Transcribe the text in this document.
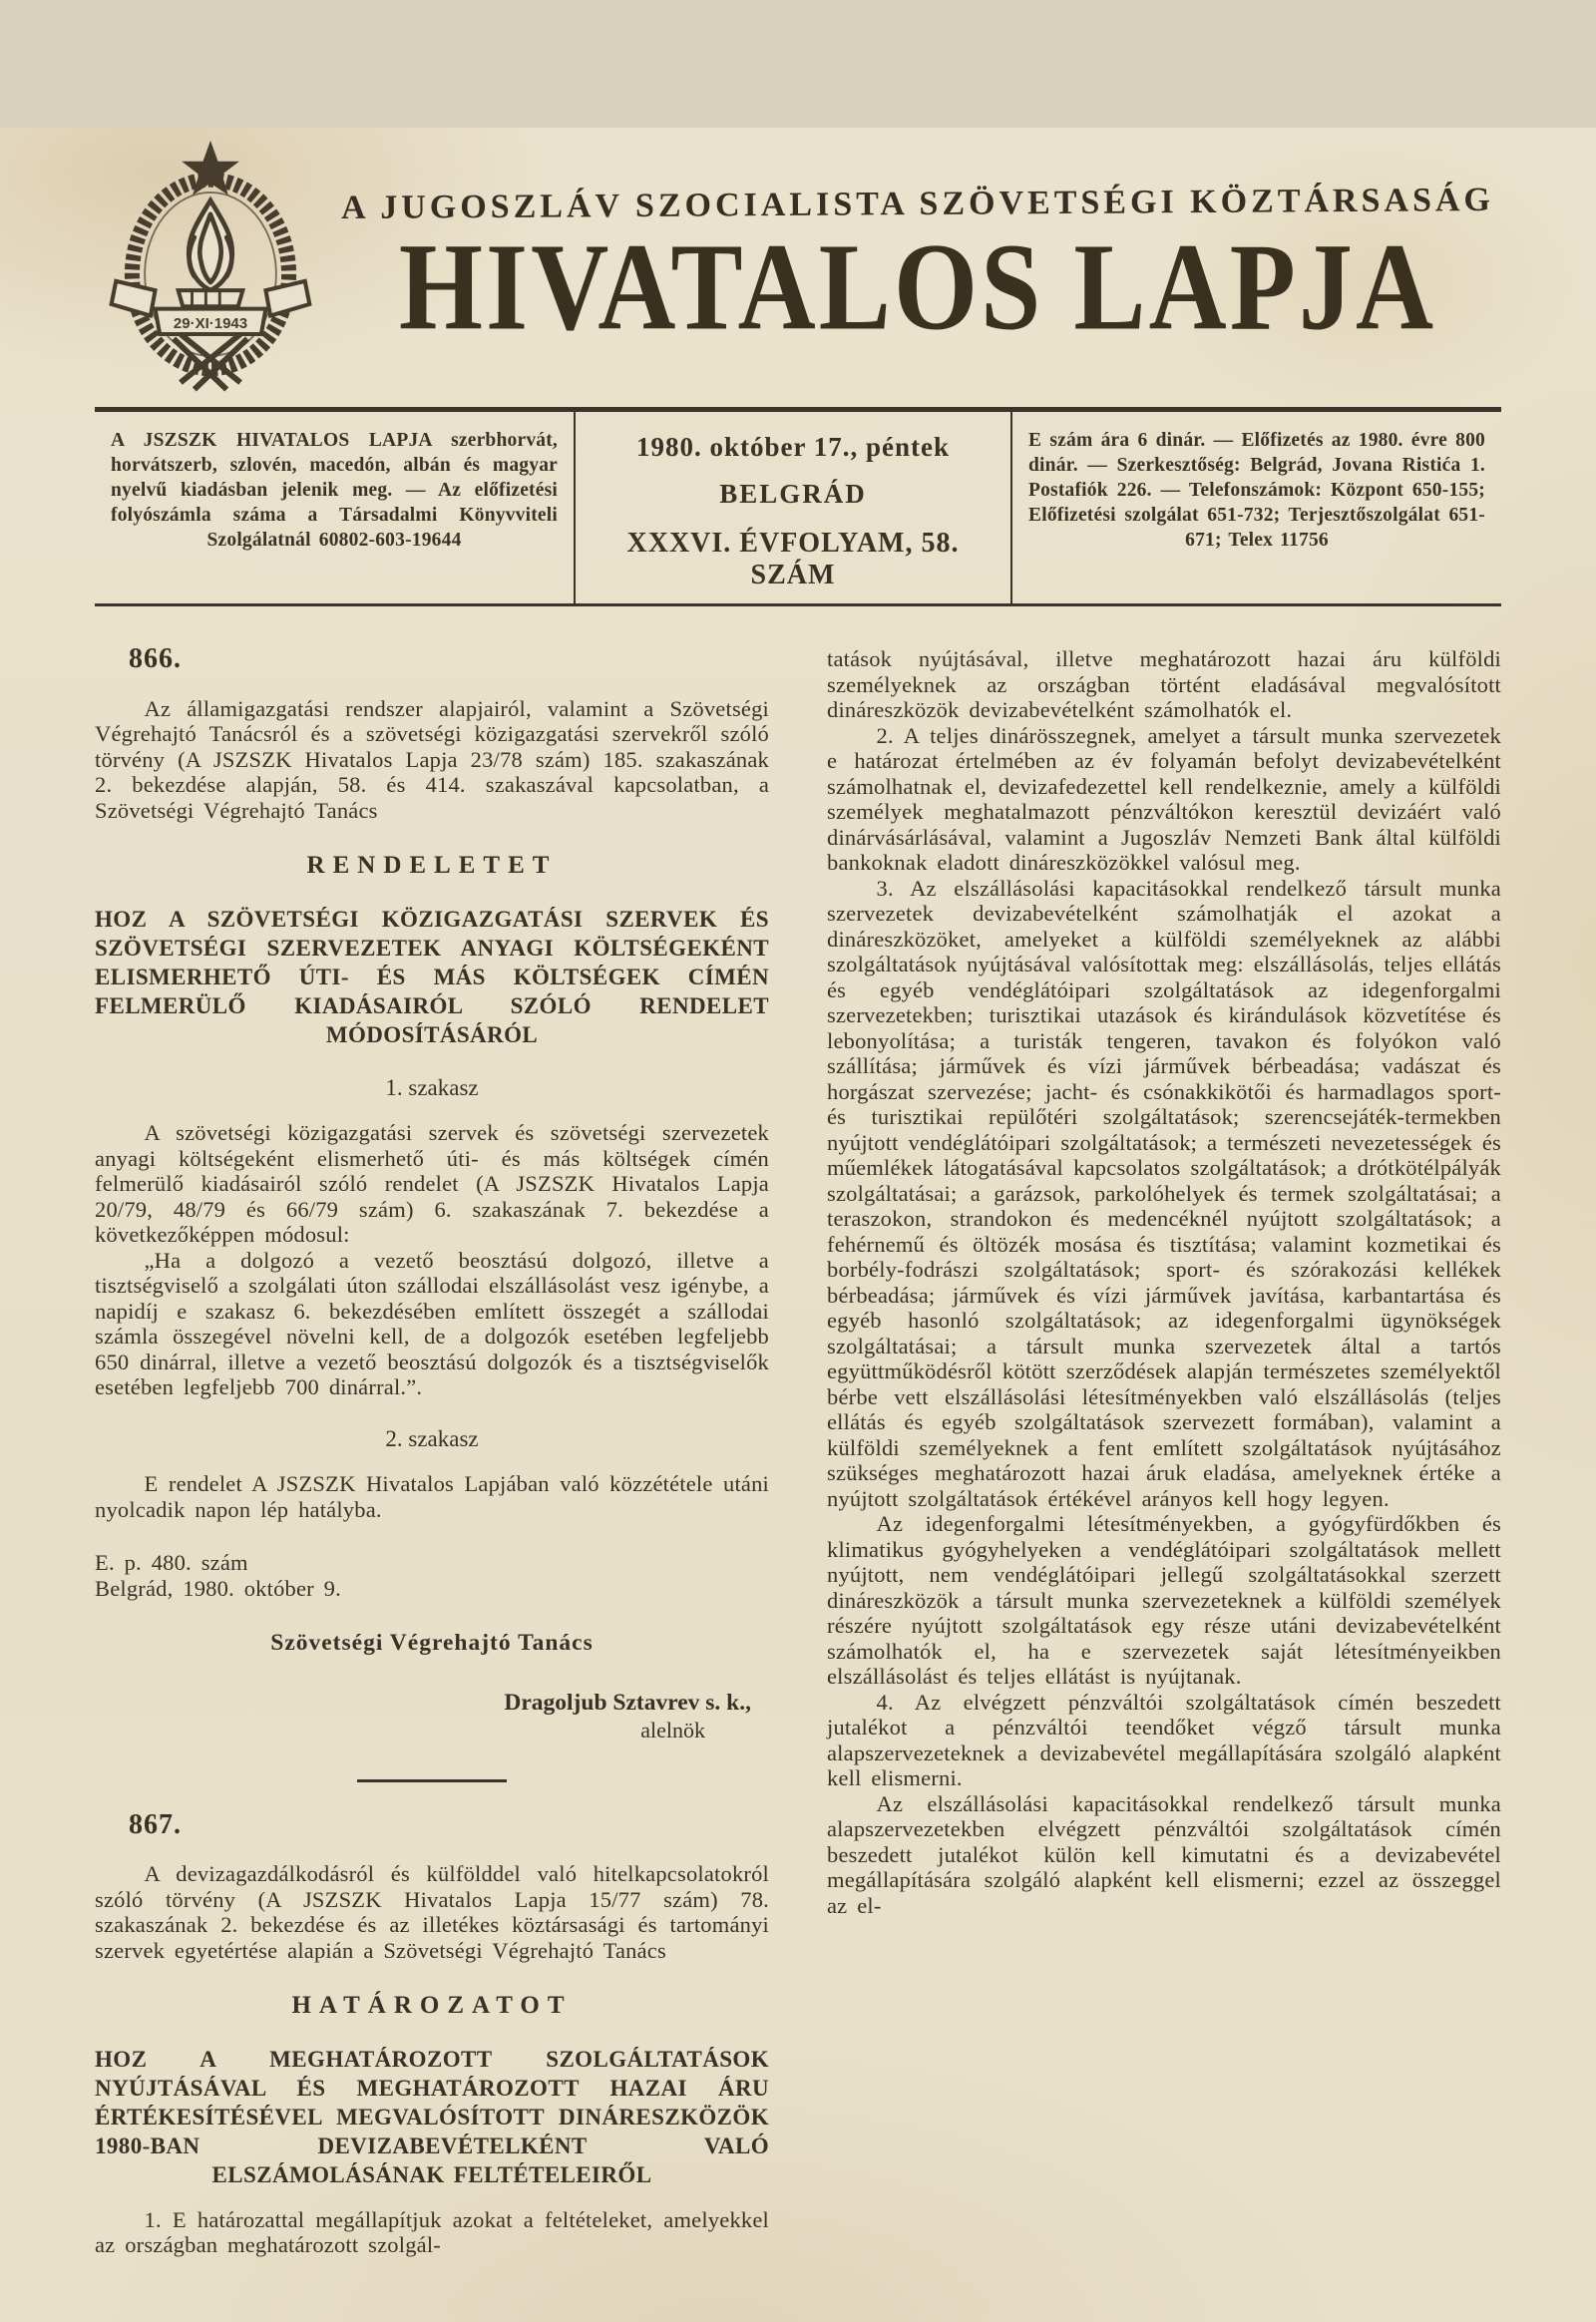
29·XI·1943
A JUGOSZLÁV SZOCIALISTA SZÖVETSÉGI KÖZTÁRSASÁG
HIVATALOS LAPJA
A JSZSZK HIVATALOS LAPJA szerbhorvát, horvátszerb, szlovén, macedón, albán és magyar nyelvű kiadásban jelenik meg. — Az előfizetési folyószámla száma a Társadalmi Könyvviteli Szolgálatnál 60802-603-19644
1980. október 17., péntek
BELGRÁD
XXXVI. ÉVFOLYAM, 58. SZÁM
E szám ára 6 dinár. — Előfizetés az 1980. évre 800 dinár. — Szerkesztőség: Belgrád, Jovana Ristića 1. Postafiók 226. — Telefonszámok: Központ 650-155; Előfizetési szolgálat 651-732; Terjesztőszolgálat 651-671; Telex 11756
866.

Az államigazgatási rendszer alapjairól, valamint a Szövetségi Végrehajtó Tanácsról és a szövetségi közigazgatási szervekről szóló törvény (A JSZSZK Hivatalos Lapja 23/78 szám) 185. szakaszának 2. bekezdése alapján, 58. és 414. szakaszával kapcsolatban, a Szövetségi Végrehajtó Tanács

RENDELETET
HOZ A SZÖVETSÉGI KÖZIGAZGATÁSI SZERVEK ÉS SZÖVETSÉGI SZERVEZETEK ANYAGI KÖLTSÉGEKÉNT ELISMERHETŐ ÚTI- ÉS MÁS KÖLTSÉGEK CÍMÉN FELMERÜLŐ KIADÁSAIRÓL SZÓLÓ RENDELET MÓDOSÍTÁSÁRÓL
1. szakasz

A szövetségi közigazgatási szervek és szövetségi szervezetek anyagi költségeként elismerhető úti- és más költségek címén felmerülő kiadásairól szóló rendelet (A JSZSZK Hivatalos Lapja 20/79, 48/79 és 66/79 szám) 6. szakaszának 7. bekezdése a következőképpen módosul:

„Ha a dolgozó a vezető beosztású dolgozó, illetve a tisztségviselő a szolgálati úton szállodai elszállásolást vesz igénybe, a napidíj e szakasz 6. bekezdésében említett összegét a szállodai számla összegével növelni kell, de a dolgozók esetében legfeljebb 650 dinárral, illetve a vezető beosztású dolgozók és a tisztségviselők esetében legfeljebb 700 dinárral.”.

2. szakasz

E rendelet A JSZSZK Hivatalos Lapjában való közzététele utáni nyolcadik napon lép hatályba.

E. p. 480. szám

Belgrád, 1980. október 9.

Szövetségi Végrehajtó Tanács
Dragoljub Sztavrev s. k.,
alelnök
867.

A devizagazdálkodásról és külfölddel való hitelkapcsolatokról szóló törvény (A JSZSZK Hivatalos Lapja 15/77 szám) 78. szakaszának 2. bekezdése és az illetékes köztársasági és tartományi szervek egyetértése alapián a Szövetségi Végrehajtó Tanács

HATÁROZATOT
HOZ A MEGHATÁROZOTT SZOLGÁLTATÁSOK NYÚJTÁSÁVAL ÉS MEGHATÁROZOTT HAZAI ÁRU ÉRTÉKESÍTÉSÉVEL MEGVALÓSÍTOTT DINÁRESZKÖZÖK 1980-BAN DEVIZABEVÉTELKÉNT VALÓ ELSZÁMOLÁSÁNAK FELTÉTELEIRŐL

1. E határozattal megállapítjuk azokat a feltételeket, amelyekkel az országban meghatározott szolgál-

tatások nyújtásával, illetve meghatározott hazai áru külföldi személyeknek az országban történt eladásával megvalósított dináreszközök devizabevételként számolhatók el.

2. A teljes dinárösszegnek, amelyet a társult munka szervezetek e határozat értelmében az év folyamán befolyt devizabevételként számolhatnak el, devizafedezettel kell rendelkeznie, amely a külföldi személyek meghatalmazott pénzváltókon keresztül devizáért való dinárvásárlásával, valamint a Jugoszláv Nemzeti Bank által külföldi bankoknak eladott dináreszközökkel valósul meg.

3. Az elszállásolási kapacitásokkal rendelkező társult munka szervezetek devizabevételként számolhatják el azokat a dináreszközöket, amelyeket a külföldi személyeknek az alábbi szolgáltatások nyújtásával valósítottak meg: elszállásolás, teljes ellátás és egyéb vendéglátóipari szolgáltatások az idegenforgalmi szervezetekben; turisztikai utazások és kirándulások közvetítése és lebonyolítása; a turisták tengeren, tavakon és folyókon való szállítása; járművek és vízi járművek bérbeadása; vadászat és horgászat szervezése; jacht- és csónakkikötői és harmadlagos sport- és turisztikai repülőtéri szolgáltatások; szerencsejáték-termekben nyújtott vendéglátóipari szolgáltatások; a természeti nevezetességek és műemlékek látogatásával kapcsolatos szolgáltatások; a drótkötélpályák szolgáltatásai; a garázsok, parkolóhelyek és termek szolgáltatásai; a teraszokon, strandokon és medencéknél nyújtott szolgáltatások; a fehérnemű és öltözék mosása és tisztítása; valamint kozmetikai és borbély-fodrászi szolgáltatások; sport- és szórakozási kellékek bérbeadása; járművek és vízi járművek javítása, karbantartása és egyéb hasonló szolgáltatások; az idegenforgalmi ügynökségek szolgáltatásai; a társult munka szervezetek által a tartós együttműködésről kötött szerződések alapján természetes személyektől bérbe vett elszállásolási létesítményekben való elszállásolás (teljes ellátás és egyéb szolgáltatások szervezett formában), valamint a külföldi személyeknek a fent említett szolgáltatások nyújtásához szükséges meghatározott hazai áruk eladása, amelyeknek értéke a nyújtott szolgáltatások értékével arányos kell hogy legyen.

Az idegenforgalmi létesítményekben, a gyógyfürdőkben és klimatikus gyógyhelyeken a vendéglátóipari szolgáltatások mellett nyújtott, nem vendéglátóipari jellegű szolgáltatásokkal szerzett dináreszközök a társult munka szervezeteknek a külföldi személyek részére nyújtott szolgáltatások egy része utáni devizabevételként számolhatók el, ha e szervezetek saját létesítményeikben elszállásolást és teljes ellátást is nyújtanak.

4. Az elvégzett pénzváltói szolgáltatások címén beszedett jutalékot a pénzváltói teendőket végző társult munka alapszervezeteknek a devizabevétel megállapítására szolgáló alapként kell elismerni.

Az elszállásolási kapacitásokkal rendelkező társult munka alapszervezetekben elvégzett pénzváltói szolgáltatások címén beszedett jutalékot külön kell kimutatni és a devizabevétel megállapítására szolgáló alapként kell elismerni; ezzel az összeggel az el-
